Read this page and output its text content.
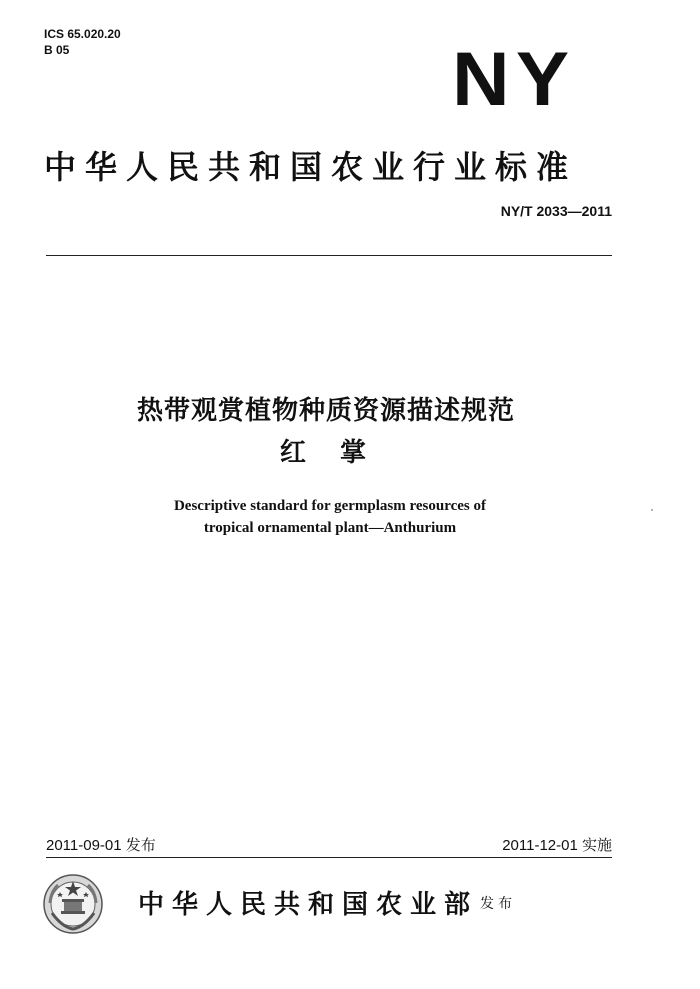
ICS 65.020.20
B 05	NY
中华人民共和国农业行业标准
NY/T 2033—2011
热带观赏植物种质资源描述规范
红掌
Descriptive standard for germplasm resources of
tropical ornamental plant—Anthurium
2011-09-01 发布	2011-12-01 实施
中华人民共和国农业部 发布
